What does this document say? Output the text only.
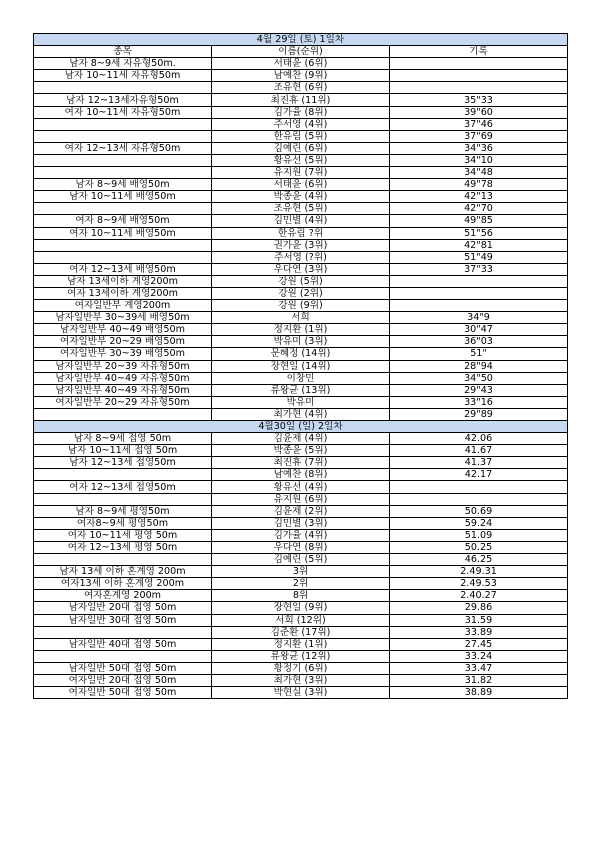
4월 29일 (토) 1일차		
종목	이름(순위)	기록
남자 8~9세 자유형50m.	서태윤 (6위)	
남자 10~11세 자유형50m	남예찬 (9위)	
	조유현 (6위)	
남자 12~13세자유형50m	최진휴 (11위)	35"33
여자 10~11세 자유형50m	김가율 (8위)	39"60
	주서영 (4위)	37"46
	한유림 (5위)	37"69
여자 12~13세 자유형50m	김예린 (6위)	34"36
	황유선 (5위)	34"10
	유지원 (7위)	34"48
남자 8~9세 배영50m	서태윤 (6위)	49"78
남자 10~11세 배영50m	박종윤 (4위)	42"13
	조유현 (5위)	42"70
여자 8~9세 배영50m	김민별 (4위)	49"85
여자 10~11세 배영50m	한유림 ?위	51"56
	권가윤 (3위)	42"81
	주서영 (?위)	51"49
여자 12~13세 배영50m	우다연 (3위)	37"33
남자 13세이하 계영200m	강원 (5위)	
여자 13세이하 계영200m	강원 (2위)	
여자일반부 계영200m	강원 (9위)	
남자일반부 30~39세 배영50m	서희	34"9
남자일반부 40~49 배영50m	정지환 (1위)	30"47
여자일반부 20~29 배영50m	박유미 (3위)	36"03
여자일반부 30~39 배영50m	문혜정 (14위)	51"
남자일반부 20~39 자유형50m	장현일 (14위)	28"94
남자일반부 40~49 자유형50m	이창민	34"50
남자일반부 40~49 자유형50m	류왕균 (13위)	29"43
여자일반부 20~29 자유형50m	박유미	33"16
	최가현 (4위)	29"89
4월30일 (일) 2일차		
남자 8~9세 접영 50m	김윤제 (4위)	42.06
남자 10~11세 접영 50m	박종윤 (5위)	41.67
남자 12~13세 접영50m	최진휴 (7위)	41.37
	남예찬 (8위)	42.17
여자 12~13세 접영50m	황유선 (4위)	
	유지원 (6위)	
남자 8~9세 평영50m	김윤제 (2위)	50.69
여자8~9세 평영50m	김민별 (3위)	59.24
여자 10~11세 평영 50m	김가율 (4위)	51.09
여자 12~13세 평영 50m	우다연 (8위)	50.25
	김예린 (5위)	46.25
남자 13세 이하 혼계영 200m	3위	2.49.31
여자13세 이하 혼계영 200m	2위	2.49.53
여자혼계영 200m	8위	2.40.27
남자일반 20대 접영 50m	장현일 (9위)	29.86
남자일반 30대 접영 50m	서희 (12위)	31.59
	김준환 (17위)	33.89
남자일반 40대 접영 50m	정지환 (1위)	27.45
	류왕균 (12위)	33.24
남자일반 50대 접영 50m	황정기 (6위)	33.47
여자일반 20대 접영 50m	최가현 (3위)	31.82
여자일반 50대 접영 50m	박현실 (3위)	38.89
